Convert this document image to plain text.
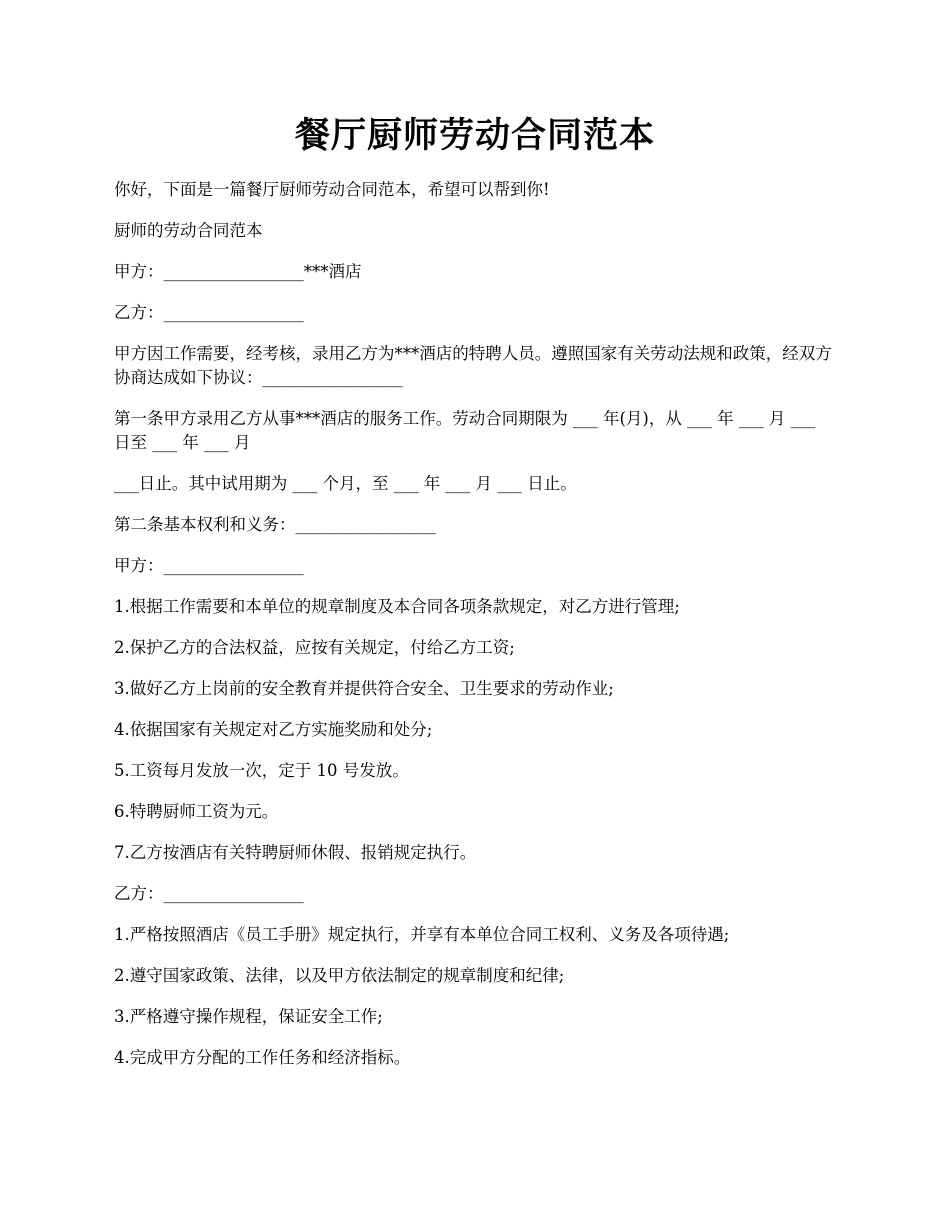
餐厅厨师劳动合同范本

你好，下面是一篇餐厅厨师劳动合同范本，希望可以帮到你!

厨师的劳动合同范本

甲方：_________________***酒店

乙方：_________________

甲方因工作需要，经考核，录用乙方为***酒店的特聘人员。遵照国家有关劳动法规和政策，经双方协商达成如下协议：_________________

第一条甲方录用乙方从事***酒店的服务工作。劳动合同期限为 ___ 年(月)，从 ___ 年 ___ 月 ___ 日至 ___ 年 ___ 月

___日止。其中试用期为 ___ 个月，至 ___ 年 ___ 月 ___ 日止。

第二条基本权利和义务：_________________

甲方：_________________

1.根据工作需要和本单位的规章制度及本合同各项条款规定，对乙方进行管理;

2.保护乙方的合法权益，应按有关规定，付给乙方工资;

3.做好乙方上岗前的安全教育并提供符合安全、卫生要求的劳动作业;

4.依据国家有关规定对乙方实施奖励和处分;

5.工资每月发放一次，定于 10 号发放。

6.特聘厨师工资为元。

7.乙方按酒店有关特聘厨师休假、报销规定执行。

乙方：_________________

1.严格按照酒店《员工手册》规定执行，并享有本单位合同工权利、义务及各项待遇;

2.遵守国家政策、法律，以及甲方依法制定的规章制度和纪律;

3.严格遵守操作规程，保证安全工作;

4.完成甲方分配的工作任务和经济指标。
